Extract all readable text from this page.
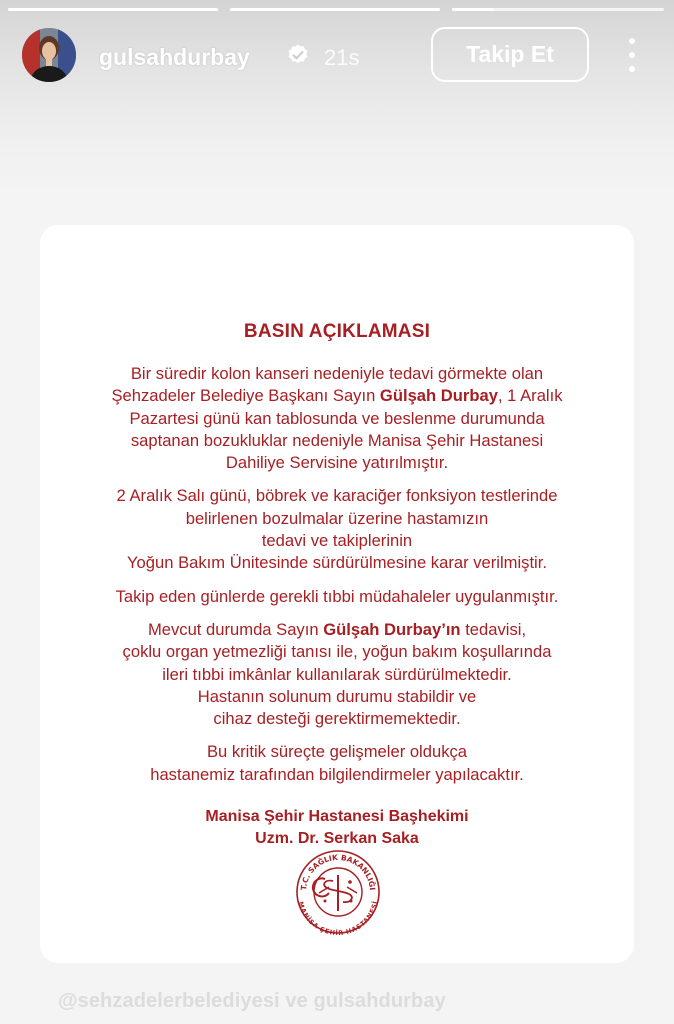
gulsahdurbay	21s	Takip Et
BASIN AÇIKLAMASI
Bir süredir kolon kanseri nedeniyle tedavi görmekte olan
Şehzadeler Belediye Başkanı Sayın Gülşah Durbay, 1 Aralık
Pazartesi günü kan tablosunda ve beslenme durumunda
saptanan bozukluklar nedeniyle Manisa Şehir Hastanesi
Dahiliye Servisine yatırılmıştır.
2 Aralık Salı günü, böbrek ve karaciğer fonksiyon testlerinde
belirlenen bozulmalar üzerine hastamızın
tedavi ve takiplerinin
Yoğun Bakım Ünitesinde sürdürülmesine karar verilmiştir.
Takip eden günlerde gerekli tıbbi müdahaleler uygulanmıştır.
Mevcut durumda Sayın Gülşah Durbay’ın tedavisi,
çoklu organ yetmezliği tanısı ile, yoğun bakım koşullarında
ileri tıbbi imkânlar kullanılarak sürdürülmektedir.
Hastanın solunum durumu stabildir ve
cihaz desteği gerektirmemektedir.
Bu kritik süreçte gelişmeler oldukça
hastanemiz tarafından bilgilendirmeler yapılacaktır.
Manisa Şehir Hastanesi Başhekimi
Uzm. Dr. Serkan Saka
T.C. SAĞLIK BAKANLIĞI
MANİSA ŞEHİR HASTANESİ
@sehzadelerbelediyesi ve gulsahdurbay
